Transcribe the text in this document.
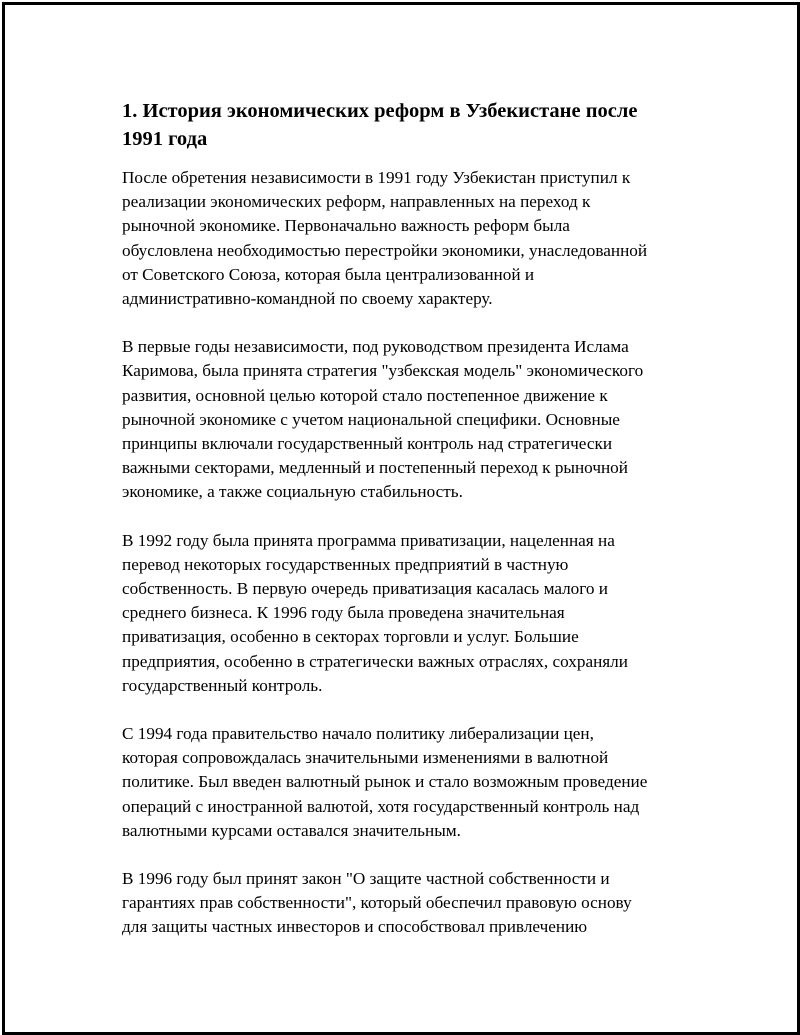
1. История экономических реформ в Узбекистане после
1991 года

После обретения независимости в 1991 году Узбекистан приступил к
реализации экономических реформ, направленных на переход к
рыночной экономике. Первоначально важность реформ была
обусловлена необходимостью перестройки экономики, унаследованной
от Советского Союза, которая была централизованной и
административно-командной по своему характеру.

В первые годы независимости, под руководством президента Ислама
Каримова, была принята стратегия "узбекская модель" экономического
развития, основной целью которой стало постепенное движение к
рыночной экономике с учетом национальной специфики. Основные
принципы включали государственный контроль над стратегически
важными секторами, медленный и постепенный переход к рыночной
экономике, а также социальную стабильность.

В 1992 году была принята программа приватизации, нацеленная на
перевод некоторых государственных предприятий в частную
собственность. В первую очередь приватизация касалась малого и
среднего бизнеса. К 1996 году была проведена значительная
приватизация, особенно в секторах торговли и услуг. Большие
предприятия, особенно в стратегически важных отраслях, сохраняли
государственный контроль.

С 1994 года правительство начало политику либерализации цен,
которая сопровождалась значительными изменениями в валютной
политике. Был введен валютный рынок и стало возможным проведение
операций с иностранной валютой, хотя государственный контроль над
валютными курсами оставался значительным.

В 1996 году был принят закон "О защите частной собственности и
гарантиях прав собственности", который обеспечил правовую основу
для защиты частных инвесторов и способствовал привлечению
